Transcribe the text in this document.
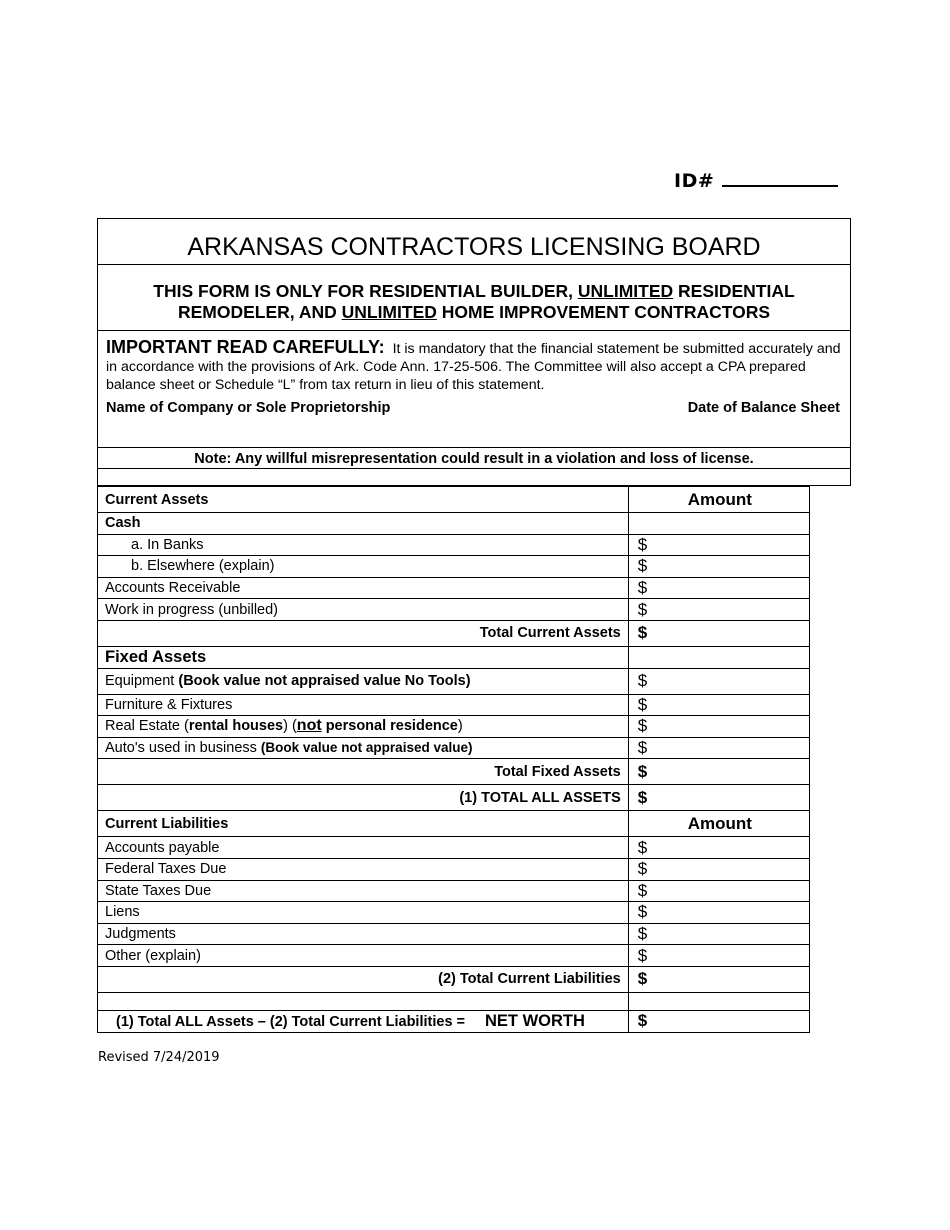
ID#
ARKANSAS CONTRACTORS LICENSING BOARD
THIS FORM IS ONLY FOR RESIDENTIAL BUILDER, UNLIMITED RESIDENTIAL
REMODELER, AND UNLIMITED HOME IMPROVEMENT CONTRACTORS
IMPORTANT READ CAREFULLY: It is mandatory that the financial statement be submitted accurately and in accordance with the provisions of Ark. Code Ann. 17-25-506. The Committee will also accept a CPA prepared balance sheet or Schedule “L” from tax return in lieu of this statement.
Name of Company or Sole Proprietorship	Date of Balance Sheet
Note: Any willful misrepresentation could result in a violation and loss of license.
Current Assets	Amount
Cash	
a. In Banks	$
b. Elsewhere (explain)	$
Accounts Receivable	$
Work in progress (unbilled)	$
Total Current Assets	$
Fixed Assets	
Equipment (Book value not appraised value No Tools)	$
Furniture & Fixtures	$
Real Estate (rental houses) (not personal residence)	$
Auto's used in business (Book value not appraised value)	$
Total Fixed Assets	$
(1) TOTAL ALL ASSETS	$
Current Liabilities	Amount
Accounts payable	$
Federal Taxes Due	$
State Taxes Due	$
Liens	$
Judgments	$
Other (explain)	$
(2) Total Current Liabilities	$

(1) Total ALL Assets – (2) Total Current Liabilities = NET WORTH	$
Revised 7/24/2019
